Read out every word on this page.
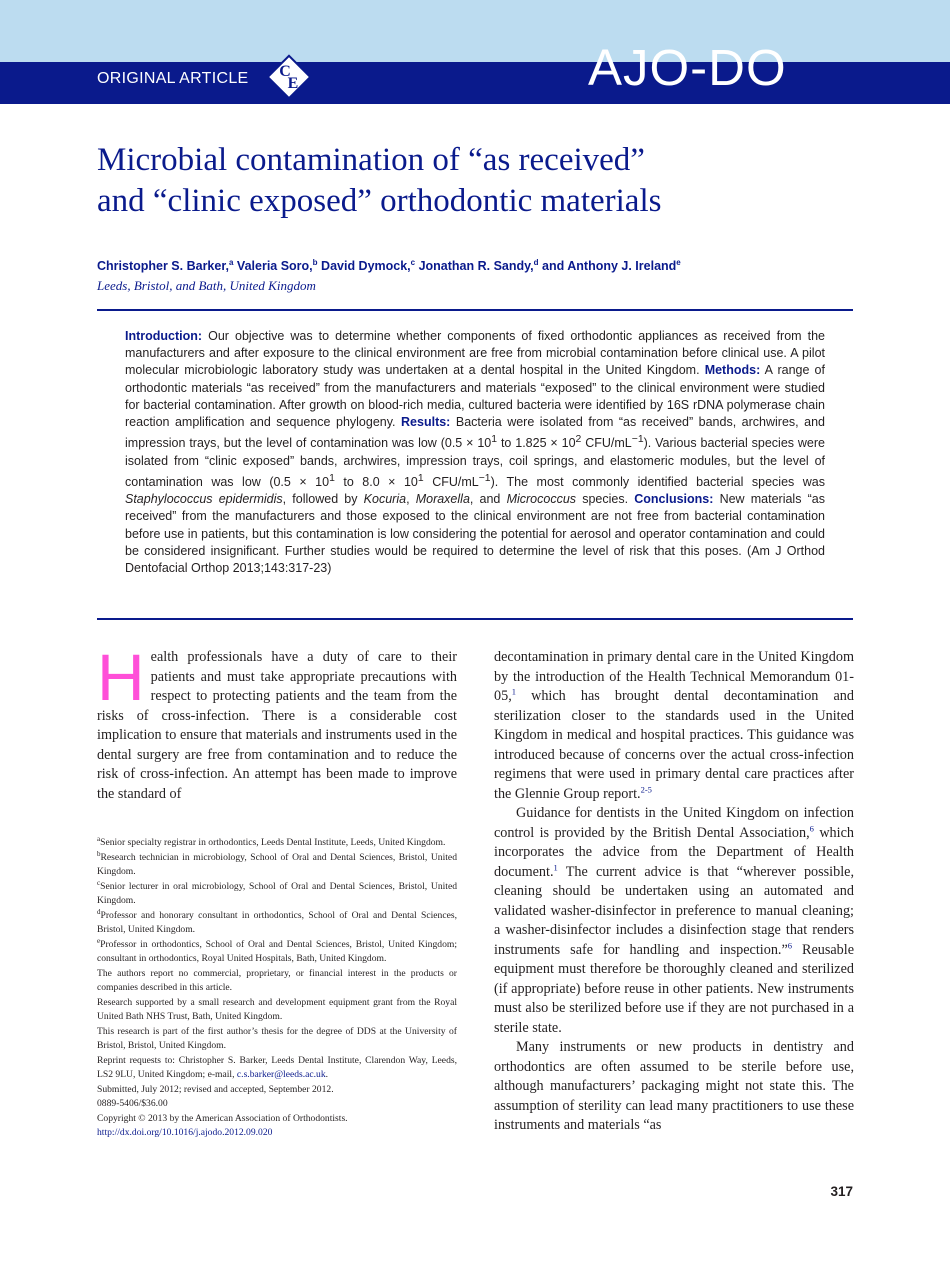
ORIGINAL ARTICLE C
E	AJO-DO
Microbial contamination of “as received”
and “clinic exposed” orthodontic materials
Christopher S. Barker,$^a$ Valeria Soro,$^b$ David Dymock,$^c$ Jonathan R. Sandy,$^d$ and Anthony J. Ireland$^e$
Leeds, Bristol, and Bath, United Kingdom
Introduction: Our objective was to determine whether components of fixed orthodontic appliances as received from the manufacturers and after exposure to the clinical environment are free from microbial contamination before clinical use. A pilot molecular microbiologic laboratory study was undertaken at a dental hospital in the United Kingdom. Methods: A range of orthodontic materials “as received” from the manufacturers and materials “exposed” to the clinical environment were studied for bacterial contamination. After growth on blood-rich media, cultured bacteria were identified by 16S rDNA polymerase chain reaction amplification and sequence phylogeny. Results: Bacteria were isolated from “as received” bands, archwires, and impression trays, but the level of contamination was low ($0.5 \times 10^1$ to $1.825 \times 10^2$ CFU/$mL^{-1}$). Various bacterial species were isolated from “clinic exposed” bands, archwires, impression trays, coil springs, and elastomeric modules, but the level of contamination was low ($0.5 \times 10^1$ to $8.0 \times 10^1$ CFU/$mL^{-1}$). The most commonly identified bacterial species was Staphylococcus epidermidis, followed by Kocuria, Moraxella, and Micrococcus species. Conclusions: New materials “as received” from the manufacturers and those exposed to the clinical environment are not free from bacterial contamination before use in patients, but this contamination is low considering the potential for aerosol and operator contamination and could be considered insignificant. Further studies would be required to determine the level of risk that this poses. (Am J Orthod Dentofacial Orthop 2013;143:317-23)

Health professionals have a duty of care to their patients and must take appropriate precautions with respect to protecting patients and the team from the risks of cross-infection. There is a considerable cost implication to ensure that materials and instruments used in the dental surgery are free from contamination and to reduce the risk of cross-infection. An attempt has been made to improve the standard of

$^a$Senior specialty registrar in orthodontics, Leeds Dental Institute, Leeds, United Kingdom.

$^b$Research technician in microbiology, School of Oral and Dental Sciences, Bristol, United Kingdom.

$^c$Senior lecturer in oral microbiology, School of Oral and Dental Sciences, Bristol, United Kingdom.

$^d$Professor and honorary consultant in orthodontics, School of Oral and Dental Sciences, Bristol, United Kingdom.

$^e$Professor in orthodontics, School of Oral and Dental Sciences, Bristol, United Kingdom; consultant in orthodontics, Royal United Hospitals, Bath, United Kingdom.

The authors report no commercial, proprietary, or financial interest in the products or companies described in this article.

Research supported by a small research and development equipment grant from the Royal United Bath NHS Trust, Bath, United Kingdom.

This research is part of the first author’s thesis for the degree of DDS at the University of Bristol, Bristol, United Kingdom.

Reprint requests to: Christopher S. Barker, Leeds Dental Institute, Clarendon Way, Leeds, LS2 9LU, United Kingdom; e-mail, c.s.barker@leeds.ac.uk.

Submitted, July 2012; revised and accepted, September 2012.

0889-5406/$36.00

Copyright © 2013 by the American Association of Orthodontists.

http://dx.doi.org/10.1016/j.ajodo.2012.09.020

decontamination in primary dental care in the United Kingdom by the introduction of the Health Technical Memorandum 01-05,$^1$ which has brought dental decontamination and sterilization closer to the standards used in the United Kingdom in medical and hospital practices. This guidance was introduced because of concerns over the actual cross-infection regimens that were used in primary dental care practices after the Glennie Group report.$^{2-5}$

Guidance for dentists in the United Kingdom on infection control is provided by the British Dental Association,$^6$ which incorporates the advice from the Department of Health document.$^1$ The current advice is that “wherever possible, cleaning should be undertaken using an automated and validated washer-disinfector in preference to manual cleaning; a washer-disinfector includes a disinfection stage that renders instruments safe for handling and inspection.”$^6$ Reusable equipment must therefore be thoroughly cleaned and sterilized (if appropriate) before reuse in other patients. New instruments must also be sterilized before use if they are not purchased in a sterile state.

Many instruments or new products in dentistry and orthodontics are often assumed to be sterile before use, although manufacturers’ packaging might not state this. The assumption of sterility can lead many practitioners to use these instruments and materials “as

317
